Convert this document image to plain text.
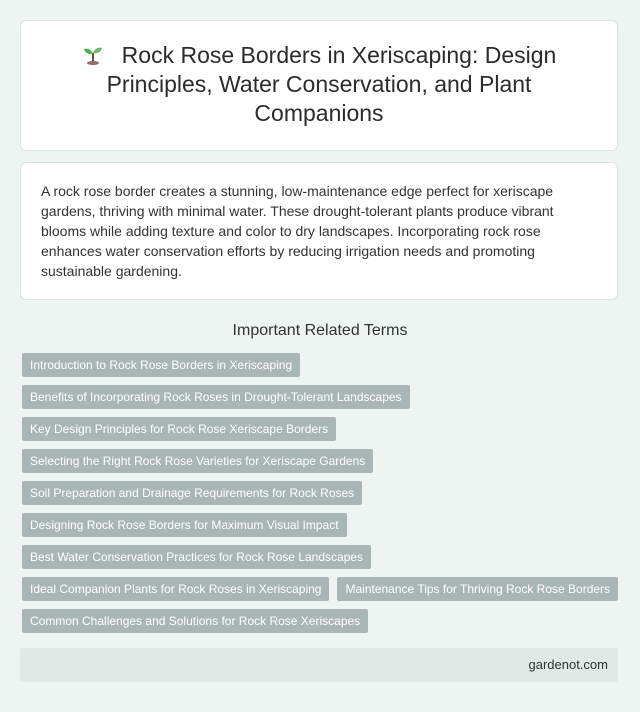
Rock Rose Borders in Xeriscaping: Design Principles, Water Conservation, and Plant Companions

A rock rose border creates a stunning, low-maintenance edge perfect for xeriscape gardens, thriving with minimal water. These drought-tolerant plants produce vibrant blooms while adding texture and color to dry landscapes. Incorporating rock rose enhances water conservation efforts by reducing irrigation needs and promoting sustainable gardening.

Important Related Terms
Introduction to Rock Rose Borders in Xeriscaping
Benefits of Incorporating Rock Roses in Drought-Tolerant Landscapes
Key Design Principles for Rock Rose Xeriscape Borders
Selecting the Right Rock Rose Varieties for Xeriscape Gardens
Soil Preparation and Drainage Requirements for Rock Roses
Designing Rock Rose Borders for Maximum Visual Impact
Best Water Conservation Practices for Rock Rose Landscapes
Ideal Companion Plants for Rock Roses in Xeriscaping	Maintenance Tips for Thriving Rock Rose Borders
Common Challenges and Solutions for Rock Rose Xeriscapes
gardenot.com
